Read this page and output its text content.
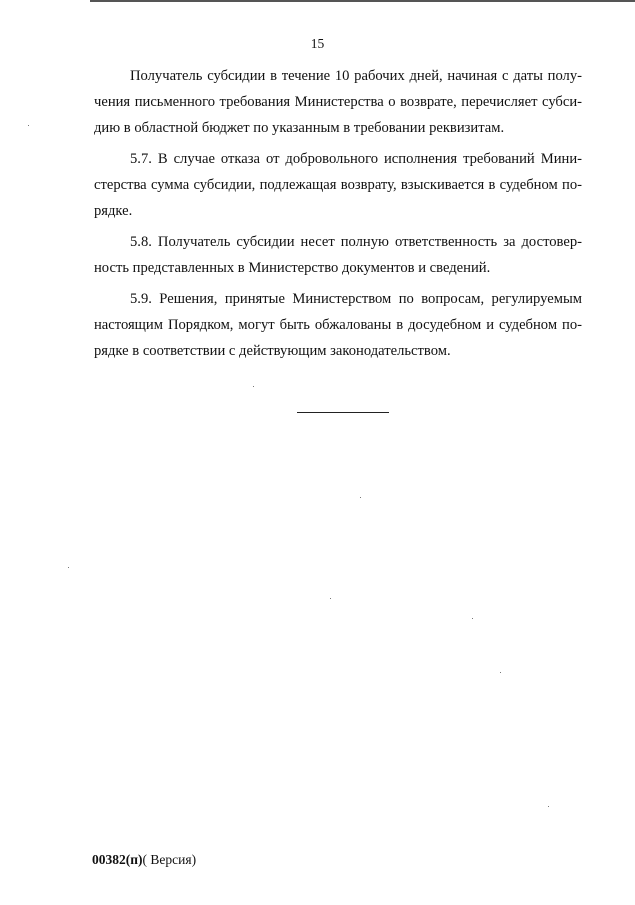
15
Получатель субсидии в течение 10 рабочих дней, начиная с даты полу-
чения письменного требования Министерства о возврате, перечисляет субси-
дию в областной бюджет по указанным в требовании реквизитам.
5.7. В случае отказа от добровольного исполнения требований Мини-
стерства сумма субсидии, подлежащая возврату, взыскивается в судебном по-
рядке.
5.8. Получатель субсидии несет полную ответственность за достовер-
ность представленных в Министерство документов и сведений.
5.9. Решения, принятые Министерством по вопросам, регулируемым
настоящим Порядком, могут быть обжалованы в досудебном и судебном по-
рядке в соответствии с действующим законодательством.
00382(п)( Версия)
